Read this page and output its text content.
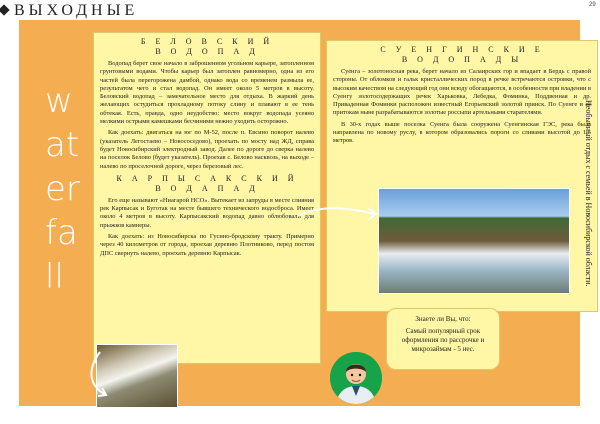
ВЫХОДНЫЕ	29
w
at
er
fa
ll
Б Е Л О В С К И Й
В О Д О П А Д

Водопад берет свое начало в заброшенном угольном карьере, затопленном грунтовыми водами. Чтобы карьер был затоплен равномерно, одна из его частей была перегорожена дамбой, однако вода со временем размыла ее, результатом чего и стал водопад. Он имеет около 5 метров в высоту. Беловский водопад – замечательное место для отдыха. В жаркий день желающих остудиться прохладному потоку слину и плавают в ее тень обтекая. Есть, правда, одно неудобство: место вокруг водопада усеяно мелкими острыми камешками бесчиними нежно уходить осторожно.

Как доехать: двигаться на юг по М-52, после п. Евсино поворот налево (указатель Легостаево – Новососедово), проехать по мосту над ЖД, справа будет Новосибирский электродный завод. Далее по дороге до сверка налево на поселок Белово (будет указатель). Проехав с. Белово насквозь, на выходе – налево по проселочной дороге, через березовый лес.

К А Р П Ы С А К С К И Й
В О Д А П А Д

Его еще называют «Ниагарой НСО». Вытекает из запруды в месте слияния рек Карпысак и Буготак на месте бывшего технического водосброса. Имеет около 4 метров в высоту. Карпысакский водопад давно облюбовали для прыжков камнеры.

Как доехать: из Новосибирска по Гусино-бродскому тракту. Примерно через 40 километров от города, проехав деревню Плотниково, перед постом ДПС свернуть налево, проехать деревню Карпысак.

С У Е Н Г И Н С К И Е
В О Д О П А Д Ы

Суенга – золотоносная река, берет начало из Салаирских гор и впадает в Бердь с правой стороны. От обломков и гальк кристаллических пород в речке встречаются островки, что с высоким качеством на следующий год они всюду обогащаются, в особенности при владении в Суенгу золотосодержащих речек Харьковка, Лебедка, Фоминка, Поддвенная и др. Приваденная Фоминки расположен известный Егорьевский золотой прииск. По Суенге и её притокам ныне разрабатываются золотые россыпи артельными старателями.

В 30-х годах выше поселка Суенга была сооружена Суенгинская ГЭС, река была направлена по новому руслу, в котором образовались пороги со сливами высотой до 1,5 метров.

Знаете ли Вы, что:
Самый популярный срок оформления по рассрочке и микрозаймам - 5 нес.
Необычный отдых с семьей в Новосибирской области.
